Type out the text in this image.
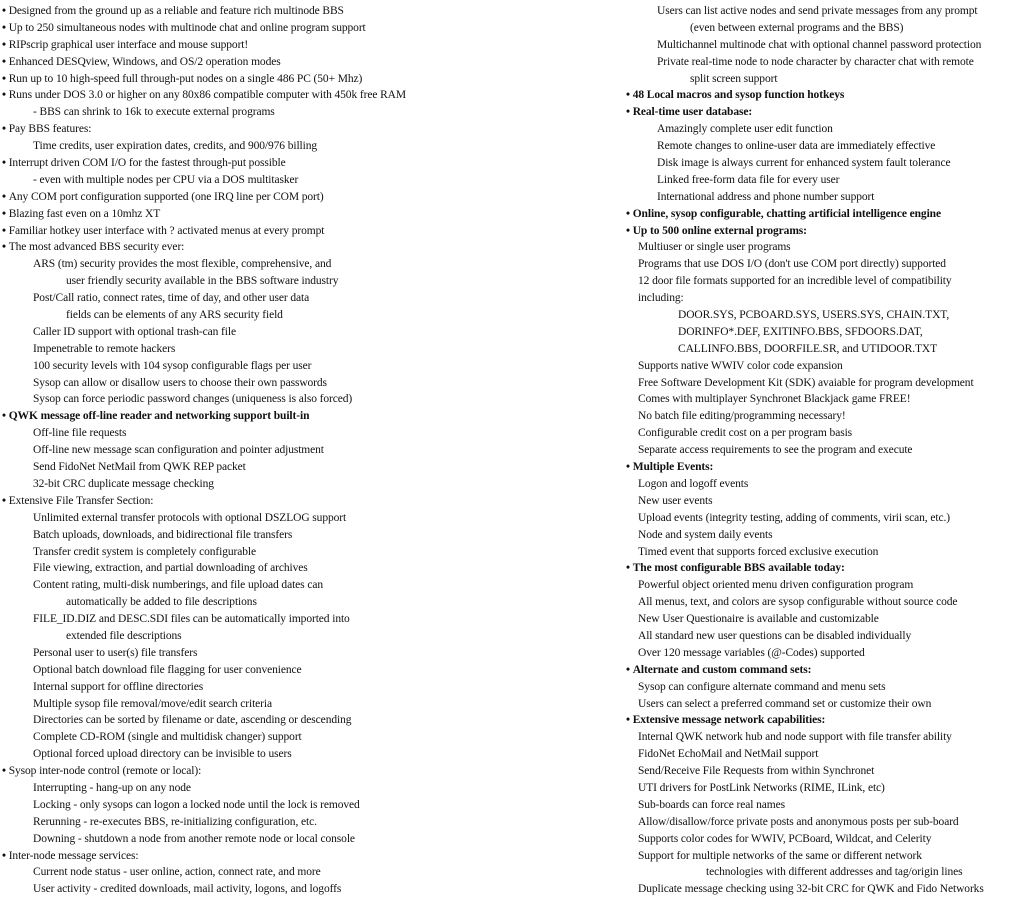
• Designed from the ground up as a reliable and feature rich multinode BBS
• Up to 250 simultaneous nodes with multinode chat and online program support
• RIPscrip graphical user interface and mouse support!
• Enhanced DESQview, Windows, and OS/2 operation modes
• Run up to 10 high-speed full through-put nodes on a single 486 PC (50+ Mhz)
• Runs under DOS 3.0 or higher on any 80x86 compatible computer with 450k free RAM
- BBS can shrink to 16k to execute external programs
• Pay BBS features:
Time credits, user expiration dates, credits, and 900/976 billing
• Interrupt driven COM I/O for the fastest through-put possible
- even with multiple nodes per CPU via a DOS multitasker
• Any COM port configuration supported (one IRQ line per COM port)
• Blazing fast even on a 10mhz XT
• Familiar hotkey user interface with ? activated menus at every prompt
• The most advanced BBS security ever:
ARS (tm) security provides the most flexible, comprehensive, and
user friendly security available in the BBS software industry
Post/Call ratio, connect rates, time of day, and other user data
fields can be elements of any ARS security field
Caller ID support with optional trash-can file
Impenetrable to remote hackers
100 security levels with 104 sysop configurable flags per user
Sysop can allow or disallow users to choose their own passwords
Sysop can force periodic password changes (uniqueness is also forced)
• QWK message off-line reader and networking support built-in
Off-line file requests
Off-line new message scan configuration and pointer adjustment
Send FidoNet NetMail from QWK REP packet
32-bit CRC duplicate message checking
• Extensive File Transfer Section:
Unlimited external transfer protocols with optional DSZLOG support
Batch uploads, downloads, and bidirectional file transfers
Transfer credit system is completely configurable
File viewing, extraction, and partial downloading of archives
Content rating, multi-disk numberings, and file upload dates can
automatically be added to file descriptions
FILE_ID.DIZ and DESC.SDI files can be automatically imported into
extended file descriptions
Personal user to user(s) file transfers
Optional batch download file flagging for user convenience
Internal support for offline directories
Multiple sysop file removal/move/edit search criteria
Directories can be sorted by filename or date, ascending or descending
Complete CD-ROM (single and multidisk changer) support
Optional forced upload directory can be invisible to users
• Sysop inter-node control (remote or local):
Interrupting - hang-up on any node
Locking - only sysops can logon a locked node until the lock is removed
Rerunning - re-executes BBS, re-initializing configuration, etc.
Downing - shutdown a node from another remote node or local console
• Inter-node message services:
Current node status - user online, action, connect rate, and more
User activity - credited downloads, mail activity, logons, and logoffs
Users can list active nodes and send private messages from any prompt
(even between external programs and the BBS)
Multichannel multinode chat with optional channel password protection
Private real-time node to node character by character chat with remote
split screen support
• 48 Local macros and sysop function hotkeys
• Real-time user database:
Amazingly complete user edit function
Remote changes to online-user data are immediately effective
Disk image is always current for enhanced system fault tolerance
Linked free-form data file for every user
International address and phone number support
• Online, sysop configurable, chatting artificial intelligence engine
• Up to 500 online external programs:
Multiuser or single user programs
Programs that use DOS I/O (don't use COM port directly) supported
12 door file formats supported for an incredible level of compatibility
including:
DOOR.SYS, PCBOARD.SYS, USERS.SYS, CHAIN.TXT,
DORINFO*.DEF, EXITINFO.BBS, SFDOORS.DAT,
CALLINFO.BBS, DOORFILE.SR, and UTIDOOR.TXT
Supports native WWIV color code expansion
Free Software Development Kit (SDK) avaiable for program development
Comes with multiplayer Synchronet Blackjack game FREE!
No batch file editing/programming necessary!
Configurable credit cost on a per program basis
Separate access requirements to see the program and execute
• Multiple Events:
Logon and logoff events
New user events
Upload events (integrity testing, adding of comments, virii scan, etc.)
Node and system daily events
Timed event that supports forced exclusive execution
• The most configurable BBS available today:
Powerful object oriented menu driven configuration program
All menus, text, and colors are sysop configurable without source code
New User Questionaire is available and customizable
All standard new user questions can be disabled individually
Over 120 message variables (@-Codes) supported
• Alternate and custom command sets:
Sysop can configure alternate command and menu sets
Users can select a preferred command set or customize their own
• Extensive message network capabilities:
Internal QWK network hub and node support with file transfer ability
FidoNet EchoMail and NetMail support
Send/Receive File Requests from within Synchronet
UTI drivers for PostLink Networks (RIME, ILink, etc)
Sub-boards can force real names
Allow/disallow/force private posts and anonymous posts per sub-board
Supports color codes for WWIV, PCBoard, Wildcat, and Celerity
Support for multiple networks of the same or different network
technologies with different addresses and tag/origin lines
Duplicate message checking using 32-bit CRC for QWK and Fido Networks
